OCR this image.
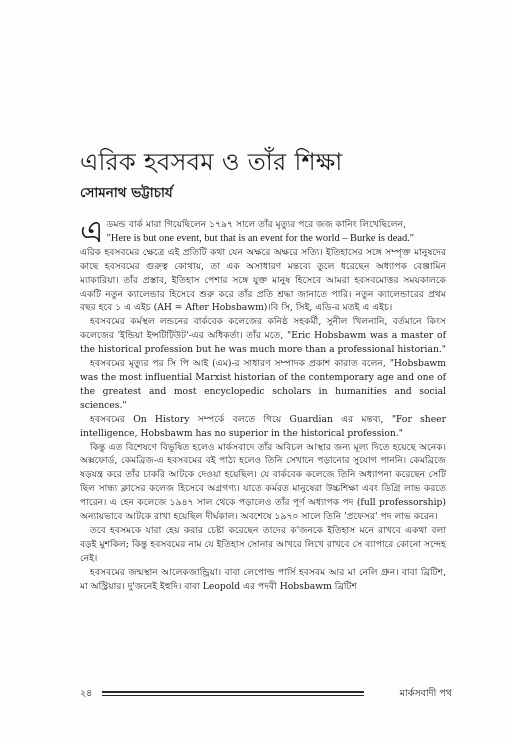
এরিক হবসবম ও তাঁর শিক্ষা
সোমনাথ ভট্টাচার্য

এডমন্ড বার্ক মারা গিয়েছিলেন ১৭৯৭ সালে তাঁর মৃত্যুর পরে জজ কানিং লিখেছিলেন,

"Here is but one event, but that is an event for the world – Burke is dead."

এরিক হবসবমের ক্ষেত্রে এই প্রতিটি কথা যেন অক্ষরে অক্ষরে সত্যি। ইতিহাসের সঙ্গে সম্পৃক্ত মানুষদের কাছে হবসবমের গুরুত্ব কোথায়, তা এক অসাধারণ মন্তব্যে তুলে ধরেছেন অধ্যাপক বেঞ্জামিন ম্যাকারিয়া। তাঁর প্রস্তাব, ইতিহাস পেশার সঙ্গে যুক্ত মানুষ হিসেবে আমরা হবসবমোত্তর সময়কালকে একটি নতুন ক্যালেন্ডার হিসেবে শুরু করে তাঁর প্রতি শ্রদ্ধা জানাতে পারি। নতুন ক্যালেন্ডারের প্রথম বছর হবে ১ এ এইচ (AH = After Hobsbawm)।বি সি, সিই, এডি-র মতই এ এইচ।

হবসবমের কর্মস্থল লন্ডনের বার্কবেক কলেজের কনিষ্ঠ সহকর্মী, সুনীল খিলনানি, বর্তমানে কিংস কলেজের 'ইন্ডিয়া ইন্সটিটিউট'-এর অধিকর্তা। তাঁর মতে, "Eric Hobsbawm was a master of the historical profession but he was much more than a professional historian."

হবসবমের মৃত্যুর পর সি পি আই (এম)-র সাধারণ সম্পাদক প্রকাশ কারাত বলেন, "Hobsbawm was the most influential Marxist historian of the contemporary age and one of the greatest and most encyclopedic scholars in humanities and social sciences."

হবসবমের On History সম্পর্কে বলতে গিয়ে Guardian এর মন্তব্য, "For sheer intelligence, Hobsbawm has no superior in the historical profession."

কিন্তু এত বিশেষণে বিভূষিত হলেও মার্কসবাদে তাঁর অবিচল আস্থার জন্য মূল্য দিতে হয়েছে অনেক। অক্সফোর্ড, কেমব্রিজ-এ হবসবমের বই পাঠ্য হলেও তিনি সেখানে পড়ানোর সুযোগ পাননি। কেমব্রিজে ষড়যন্ত্র করে তাঁর চাকরি আটকে দেওয়া হয়েছিল। যে বার্কবেক কলেজে তিনি অধ্যাপনা করেছেন সেটি ছিল সান্ধ্য ক্লাসের কলেজ হিসেবে অগ্রগণ্য। যাতে কর্মরত মানুষেরা উচ্চশিক্ষা এবং ডিগ্রি লাভ করতে পারেন। এ হেন কলেজে ১৯৪৭ সাল থেকে পড়ালেও তাঁর পূর্ণ অধ্যাপক পদ (full professorship) অন্যায়ভাবে আটকে রাখা হয়েছিল দীর্ঘকাল। অবশেষে ১৯৭০ সালে তিনি 'প্রফেসর' পদ লাভ করেন।

তবে হবসমকে যারা হেয় করার চেষ্টা করেছেন তাদের ক'জনকে ইতিহাস মনে রাখবে একথা বলা বড়ই মুশকিল; কিন্তু হবসবমের নাম যে ইতিহাস সোনার আখরে লিখে রাখবে সে ব্যাপারে কোনো সন্দেহ নেই।

হবসবমের জন্মস্থান আলেকজান্ড্রিয়া। বাবা লেপোল্ড পার্সি হবসবম আর মা নেলি গ্রুন। বাবা ব্রিটিশ, মা অস্ট্রিয়ার। দু'জনেই ইহুদি। বাবা Leopold এর পদবী Hobsbawm ব্রিটিশ

২৪	মার্কসবাদী পথ
